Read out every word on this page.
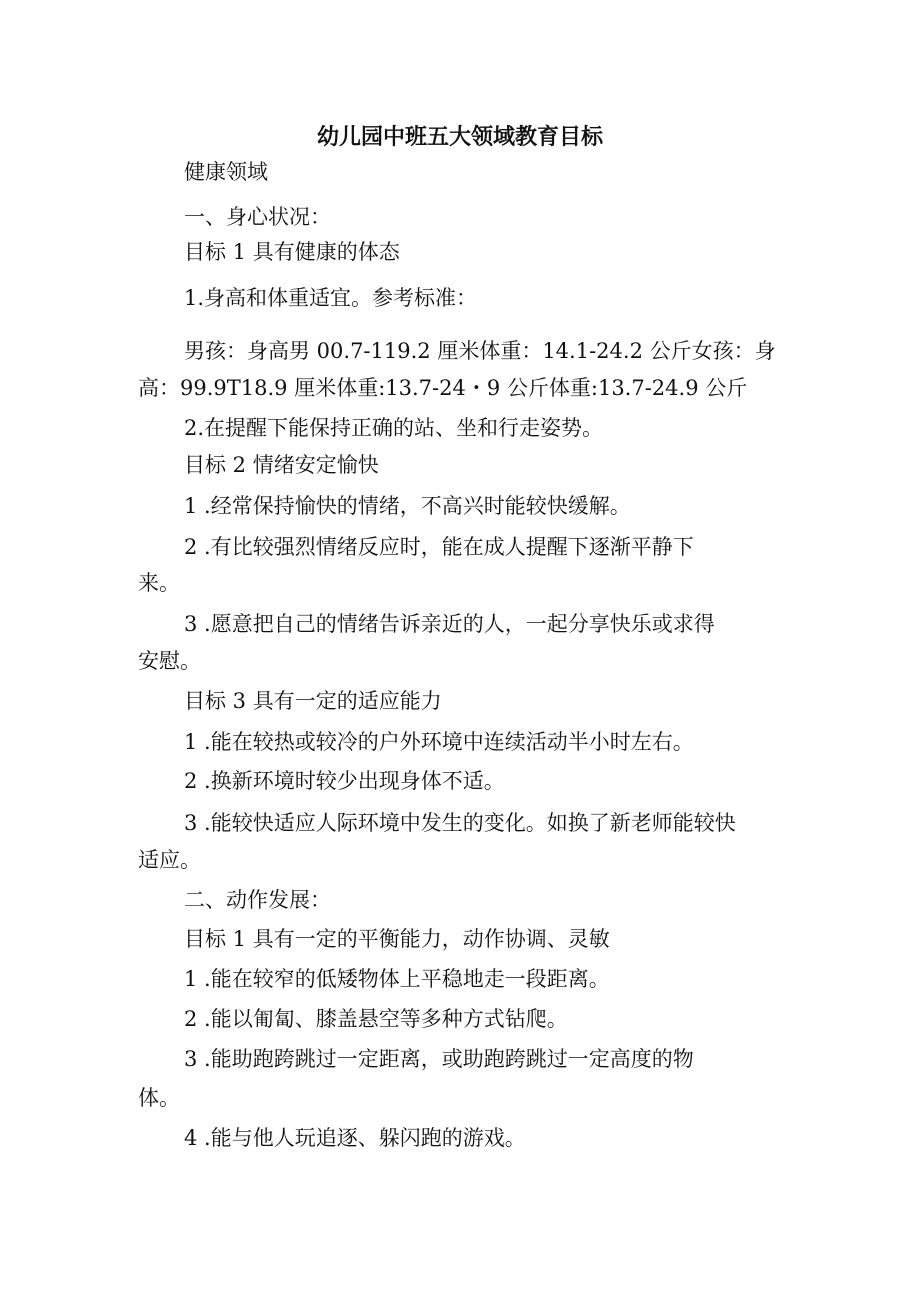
幼儿园中班五大领域教育目标

健康领域

一、身心状况：

目标 1 具有健康的体态

1.身高和体重适宜。参考标准：

男孩：身高男 00.7-119.2 厘米体重：14.1-24.2 公斤女孩：身

高：99.9T18.9 厘米体重:13.7-24・9 公斤体重:13.7-24.9 公斤

2.在提醒下能保持正确的站、坐和行走姿势。

目标 2 情绪安定愉快

1 .经常保持愉快的情绪，不高兴时能较快缓解。

2 .有比较强烈情绪反应时，能在成人提醒下逐渐平静下

来。

3 .愿意把自己的情绪告诉亲近的人，一起分享快乐或求得

安慰。

目标 3 具有一定的适应能力

1 .能在较热或较冷的户外环境中连续活动半小时左右。

2 .换新环境时较少出现身体不适。

3 .能较快适应人际环境中发生的变化。如换了新老师能较快

适应。

二、动作发展：

目标 1 具有一定的平衡能力，动作协调、灵敏

1 .能在较窄的低矮物体上平稳地走一段距离。

2 .能以匍匐、膝盖悬空等多种方式钻爬。

3 .能助跑跨跳过一定距离，或助跑跨跳过一定高度的物

体。

4 .能与他人玩追逐、躲闪跑的游戏。
